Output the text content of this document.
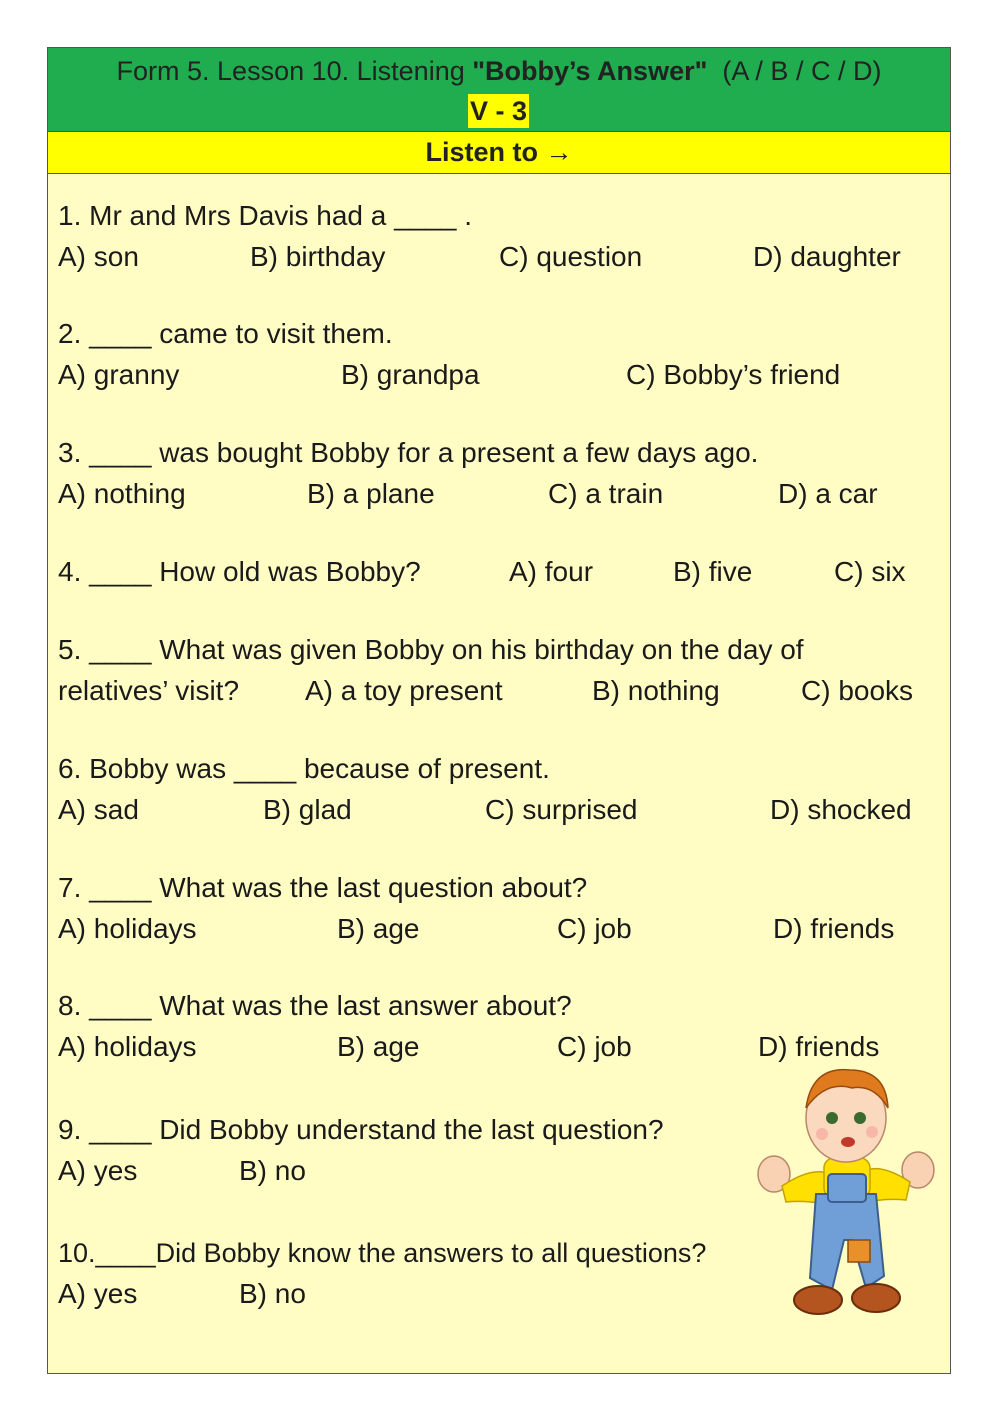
Form 5. Lesson 10. Listening "Bobby’s Answer" (A / B / C / D)
V - 3
Listen to →
1. Mr and Mrs Davis had a ____ .
A) son	B) birthday	C) question	D) daughter
2. ____ came to visit them.
A) granny	B) grandpa	C) Bobby’s friend
3. ____ was bought Bobby for a present a few days ago.
A) nothing	B) a plane	C) a train	D) a car
4. ____ How old was Bobby?	A) four	B) five	C) six
5. ____ What was given Bobby on his birthday on the day of
relatives’ visit? A) a toy present	B) nothing	C) books
6. Bobby was ____ because of present.
A) sad	B) glad	C) surprised	D) shocked
7. ____ What was the last question about?
A) holidays	B) age	C) job	D) friends
8. ____ What was the last answer about?
A) holidays	B) age	C) job	D) friends
9. ____ Did Bobby understand the last question?
A) yes	B) no
10.____Did Bobby know the answers to all questions?
A) yes	B) no
